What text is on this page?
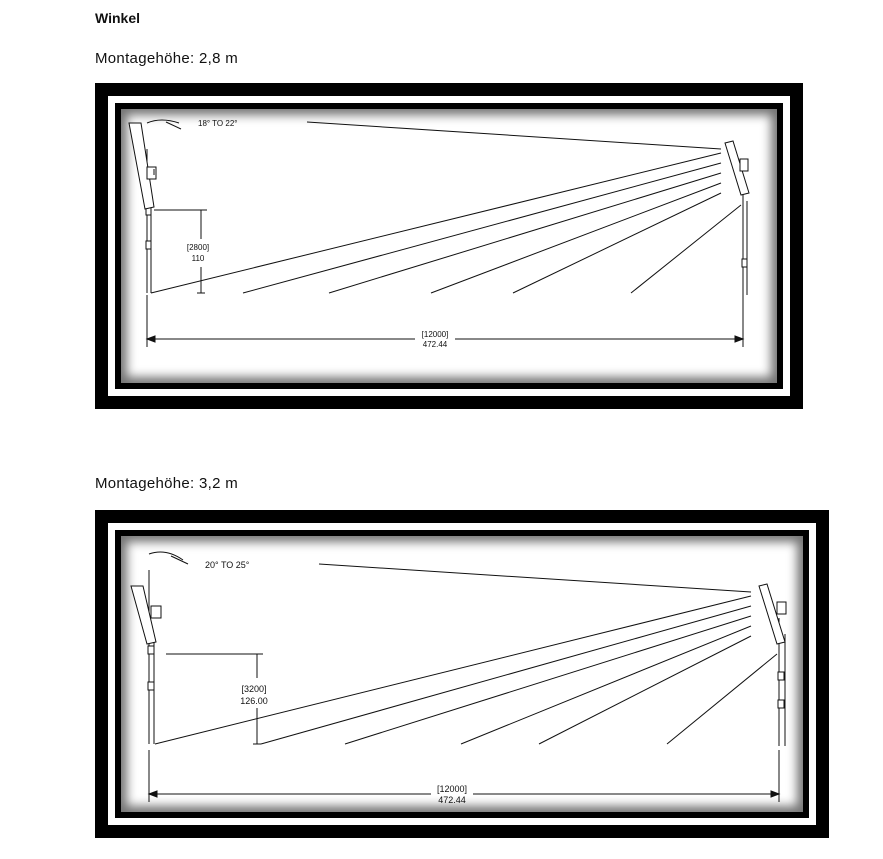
Winkel
Montagehöhe: 2,8 m
18° TO 22°
[2800]
110
[12000]
472.44
Montagehöhe: 3,2 m
20° TO 25°
[3200]
126.00
[12000]
472.44
